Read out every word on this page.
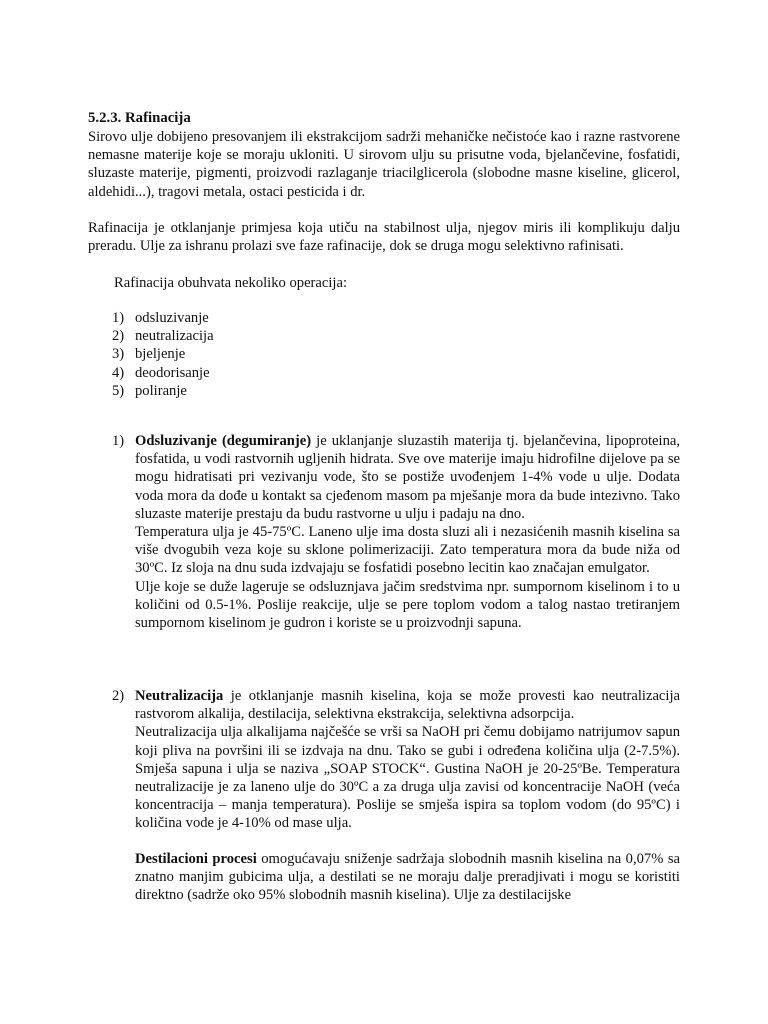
5.2.3. Rafinacija
Sirovo ulje dobijeno presovanjem ili ekstrakcijom sadrži mehaničke nečistoće kao i razne rastvorene nemasne materije koje se moraju ukloniti. U sirovom ulju su prisutne voda, bjelančevine, fosfatidi, sluzaste materije, pigmenti, proizvodi razlaganje triacilglicerola (slobodne masne kiseline, glicerol, aldehidi...), tragovi metala, ostaci pesticida i dr.
Rafinacija je otklanjanje primjesa koja utiču na stabilnost ulja, njegov miris ili komplikuju dalju preradu. Ulje za ishranu prolazi sve faze rafinacije, dok se druga mogu selektivno rafinisati.
Rafinacija obuhvata nekoliko operacija:
1) odsluzivanje
2) neutralizacija
3) bjeljenje
4) deodorisanje
5) poliranje
1) Odsluzivanje (degumiranje) je uklanjanje sluzastih materija tj. bjelančevina, lipoproteina, fosfatida, u vodi rastvornih ugljenih hidrata. Sve ove materije imaju hidrofilne dijelove pa se mogu hidratisati pri vezivanju vode, što se postiže uvođenjem 1-4% vode u ulje. Dodata voda mora da dođe u kontakt sa cjeđenom masom pa mješanje mora da bude intezivno. Tako sluzaste materije prestaju da budu rastvorne u ulju i padaju na dno.
Temperatura ulja je 45-75ºC. Laneno ulje ima dosta sluzi ali i nezasićenih masnih kiselina sa više dvogubih veza koje su sklone polimerizaciji. Zato temperatura mora da bude niža od 30ºC. Iz sloja na dnu suda izdvajaju se fosfatidi posebno lecitin kao značajan emulgator.
Ulje koje se duže lageruje se odsluznjava jačim sredstvima npr. sumpornom kiselinom i to u količini od 0.5-1%. Poslije reakcije, ulje se pere toplom vodom a talog nastao tretiranjem sumpornom kiselinom je gudron i koriste se u proizvodnji sapuna.
2) Neutralizacija je otklanjanje masnih kiselina, koja se može provesti kao neutralizacija rastvorom alkalija, destilacija, selektivna ekstrakcija, selektivna adsorpcija.
Neutralizacija ulja alkalijama najčešće se vrši sa NaOH pri čemu dobijamo natrijumov sapun koji pliva na površini ili se izdvaja na dnu. Tako se gubi i određena količina ulja (2-7.5%). Smješa sapuna i ulja se naziva „SOAP STOCK“. Gustina NaOH je 20-25ºBe. Temperatura neutralizacije je za laneno ulje do 30ºC a za druga ulja zavisi od koncentracije NaOH (veća koncentracija – manja temperatura). Poslije se smješa ispira sa toplom vodom (do 95ºC) i količina vode je 4-10% od mase ulja.
Destilacioni procesi omogućavaju sniženje sadržaja slobodnih masnih kiselina na 0,07% sa znatno manjim gubicima ulja, a destilati se ne moraju dalje preradjivati i mogu se koristiti direktno (sadrže oko 95% slobodnih masnih kiselina). Ulje za destilacijske
